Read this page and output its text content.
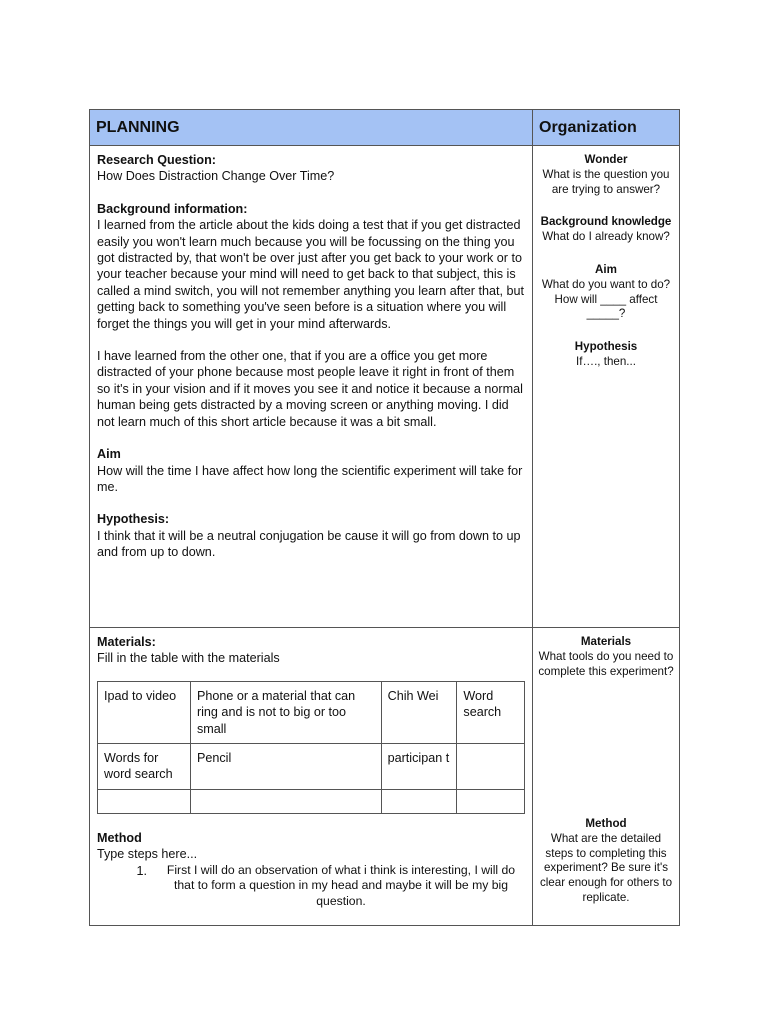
PLANNING	Organization
Research Question:
How Does Distraction Change Over Time?
Background information:
I learned from the article about the kids doing a test that if you get distracted easily you won't learn much because you will be focussing on the thing you got distracted by, that won't be over just after you get back to your work or to your teacher because your mind will need to get back to that subject, this is called a mind switch, you will not remember anything you learn after that, but getting back to something you've seen before is a situation where you will forget the things you will get in your mind afterwards.
I have learned from the other one, that if you are a office you get more distracted of your phone because most people leave it right in front of them so it's in your vision and if it moves you see it and notice it because a normal human being gets distracted by a moving screen or anything moving. I did not learn much of this short article because it was a bit small.
Aim
How will the time I have affect how long the scientific experiment will take for me.
Hypothesis:
I think that it will be a neutral conjugation be cause it will go from down to up and from up to down.
Wonder
What is the question you are trying to answer?
Background knowledge
What do I already know?
Aim
What do you want to do? How will ____ affect _____?
Hypothesis
If…., then...
Materials:
Fill in the table with the materials
Ipad to video	Phone or a material that can ring and is not to big or too small	Chih Wei	Word search
Words for word search	Pencil	participan t	

Method
Type steps here...
1.	First I will do an observation of what i think is interesting, I will do that to form a question in my head and maybe it will be my big question.
Materials
What tools do you need to complete this experiment?
Method
What are the detailed steps to completing this experiment? Be sure it's clear enough for others to replicate.
